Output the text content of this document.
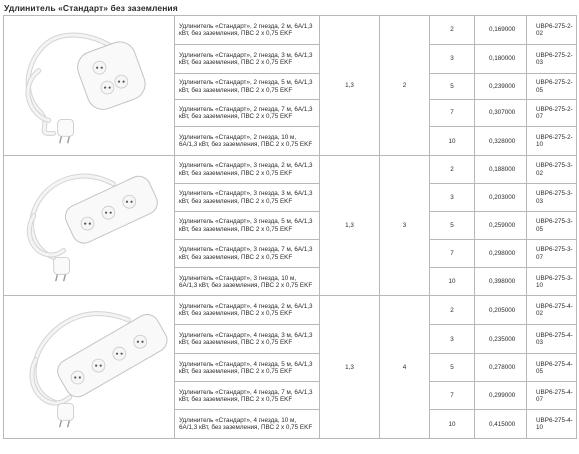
Удлинитель «Стандарт» без заземления
	Удлинитель «Стандарт», 2 гнезда, 2 м, 6А/1,3 кВт, без заземления, ПВС 2 х 0,75 EKF	1,3	2	2	0,169000	UBP6-275-2-02
	Удлинитель «Стандарт», 2 гнезда, 3 м, 6А/1,3 кВт, без заземления, ПВС 2 х 0,75 EKF			3	0,180000	UBP6-275-2-03
	Удлинитель «Стандарт», 2 гнезда, 5 м, 6А/1,3 кВт, без заземления, ПВС 2 х 0,75 EKF			5	0,239000	UBP6-275-2-05
	Удлинитель «Стандарт», 2 гнезда, 7 м, 6А/1,3 кВт, без заземления, ПВС 2 х 0,75 EKF			7	0,307000	UBP6-275-2-07
	Удлинитель «Стандарт», 2 гнезда, 10 м, 6А/1,3 кВт, без заземления, ПВС 2 х 0,75 EKF			10	0,328000	UBP6-275-2-10

	Удлинитель «Стандарт», 3 гнезда, 2 м, 6А/1,3 кВт, без заземления, ПВС 2 х 0,75 EKF	1,3	3	2	0,188000	UBP6-275-3-02
	Удлинитель «Стандарт», 3 гнезда, 3 м, 6А/1,3 кВт, без заземления, ПВС 2 х 0,75 EKF			3	0,203000	UBP6-275-3-03
	Удлинитель «Стандарт», 3 гнезда, 5 м, 6А/1,3 кВт, без заземления, ПВС 2 х 0,75 EKF			5	0,259000	UBP6-275-3-05
	Удлинитель «Стандарт», 3 гнезда, 7 м, 6А/1,3 кВт, без заземления, ПВС 2 х 0,75 EKF			7	0,298000	UBP6-275-3-07
	Удлинитель «Стандарт», 3 гнезда, 10 м, 6А/1,3 кВт, без заземления, ПВС 2 х 0,75 EKF			10	0,398000	UBP6-275-3-10

	Удлинитель «Стандарт», 4 гнезда, 2 м, 6А/1,3 кВт, без заземления, ПВС 2 х 0,75 EKF	1,3	4	2	0,205000	UBP6-275-4-02
	Удлинитель «Стандарт», 4 гнезда, 3 м, 6А/1,3 кВт, без заземления, ПВС 2 х 0,75 EKF			3	0,235000	UBP6-275-4-03
	Удлинитель «Стандарт», 4 гнезда, 5 м, 6А/1,3 кВт, без заземления, ПВС 2 х 0,75 EKF			5	0,278000	UBP6-275-4-05
	Удлинитель «Стандарт», 4 гнезда, 7 м, 6А/1,3 кВт, без заземления, ПВС 2 х 0,75 EKF			7	0,299000	UBP6-275-4-07
	Удлинитель «Стандарт», 4 гнезда, 10 м, 6А/1,3 кВт, без заземления, ПВС 2 х 0,75 EKF			10	0,415000	UBP6-275-4-10
